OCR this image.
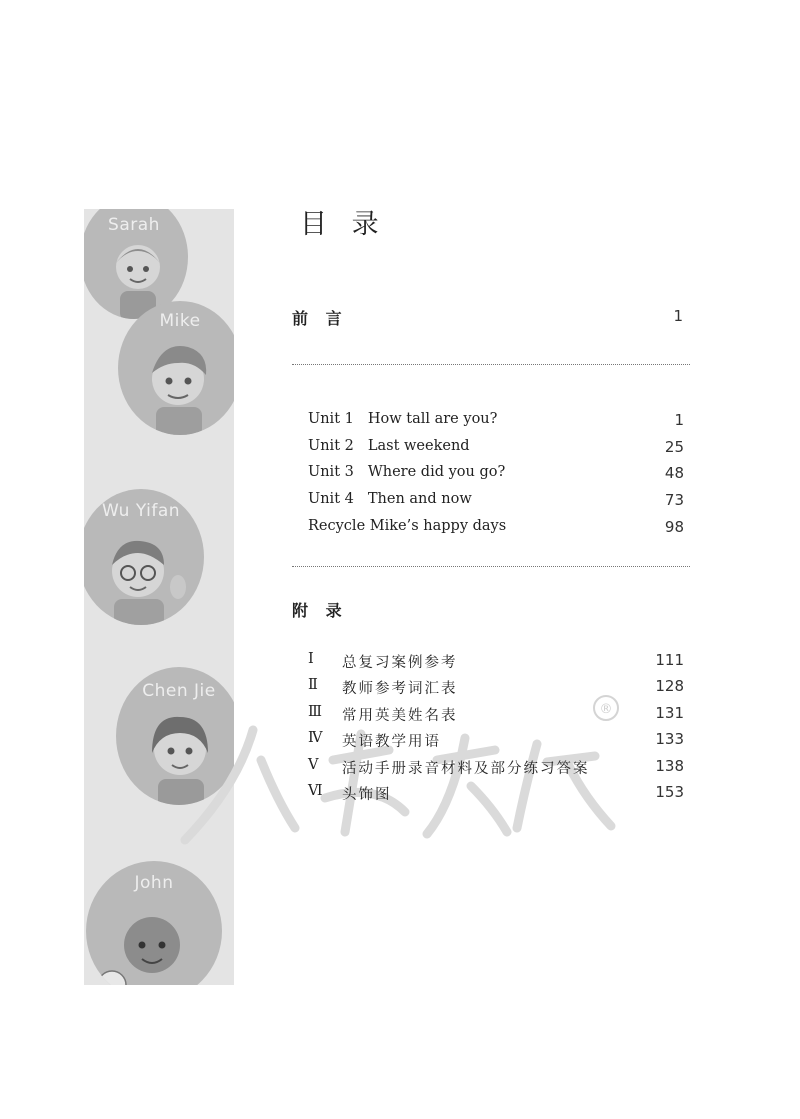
Sarah
Mike
Wu Yifan
Chen Jie
John
®
目 录
前 言	1
Unit 1 How tall are you?	1
Unit 2 Last weekend	25
Unit 3 Where did you go?	48
Unit 4 Then and now	73
Recycle Mike’s happy days	98
附 录
Ⅰ	总复习案例参考	111
Ⅱ	教师参考词汇表	128
Ⅲ	常用英美姓名表	131
Ⅳ	英语教学用语	133
Ⅴ	活动手册录音材料及部分练习答案	138
Ⅵ	头饰图	153
